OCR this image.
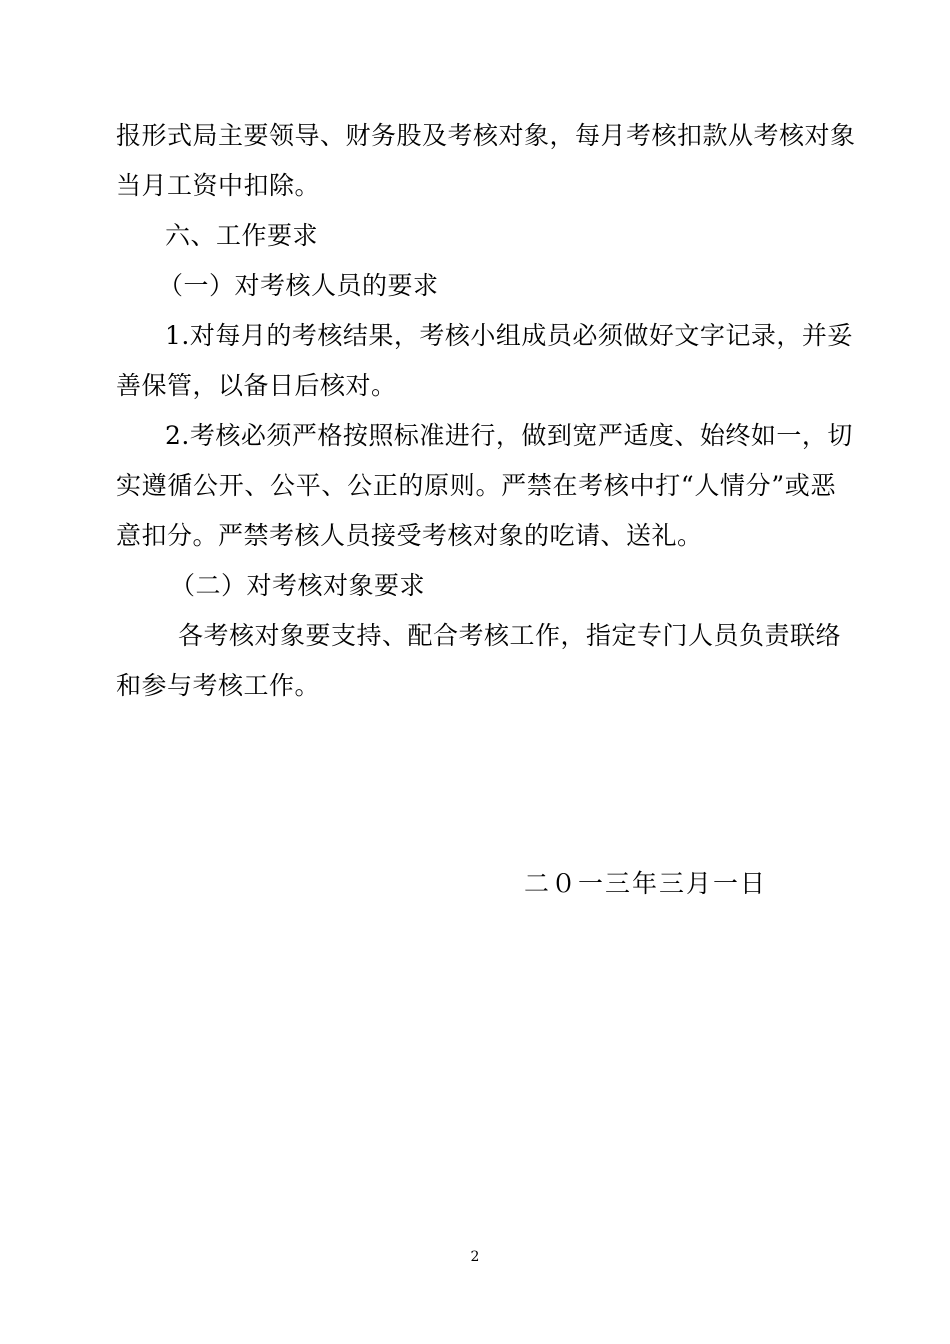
报形式局主要领导、财务股及考核对象，每月考核扣款从考核对象
当月工资中扣除。
六、工作要求
（一）对考核人员的要求
1.对每月的考核结果，考核小组成员必须做好文字记录，并妥
善保管，以备日后核对。
2.考核必须严格按照标准进行，做到宽严适度、始终如一，切
实遵循公开、公平、公正的原则。严禁在考核中打“人情分”或恶
意扣分。严禁考核人员接受考核对象的吃请、送礼。
（二）对考核对象要求
各考核对象要支持、配合考核工作，指定专门人员负责联络
和参与考核工作。
二０一三年三月一日
2
